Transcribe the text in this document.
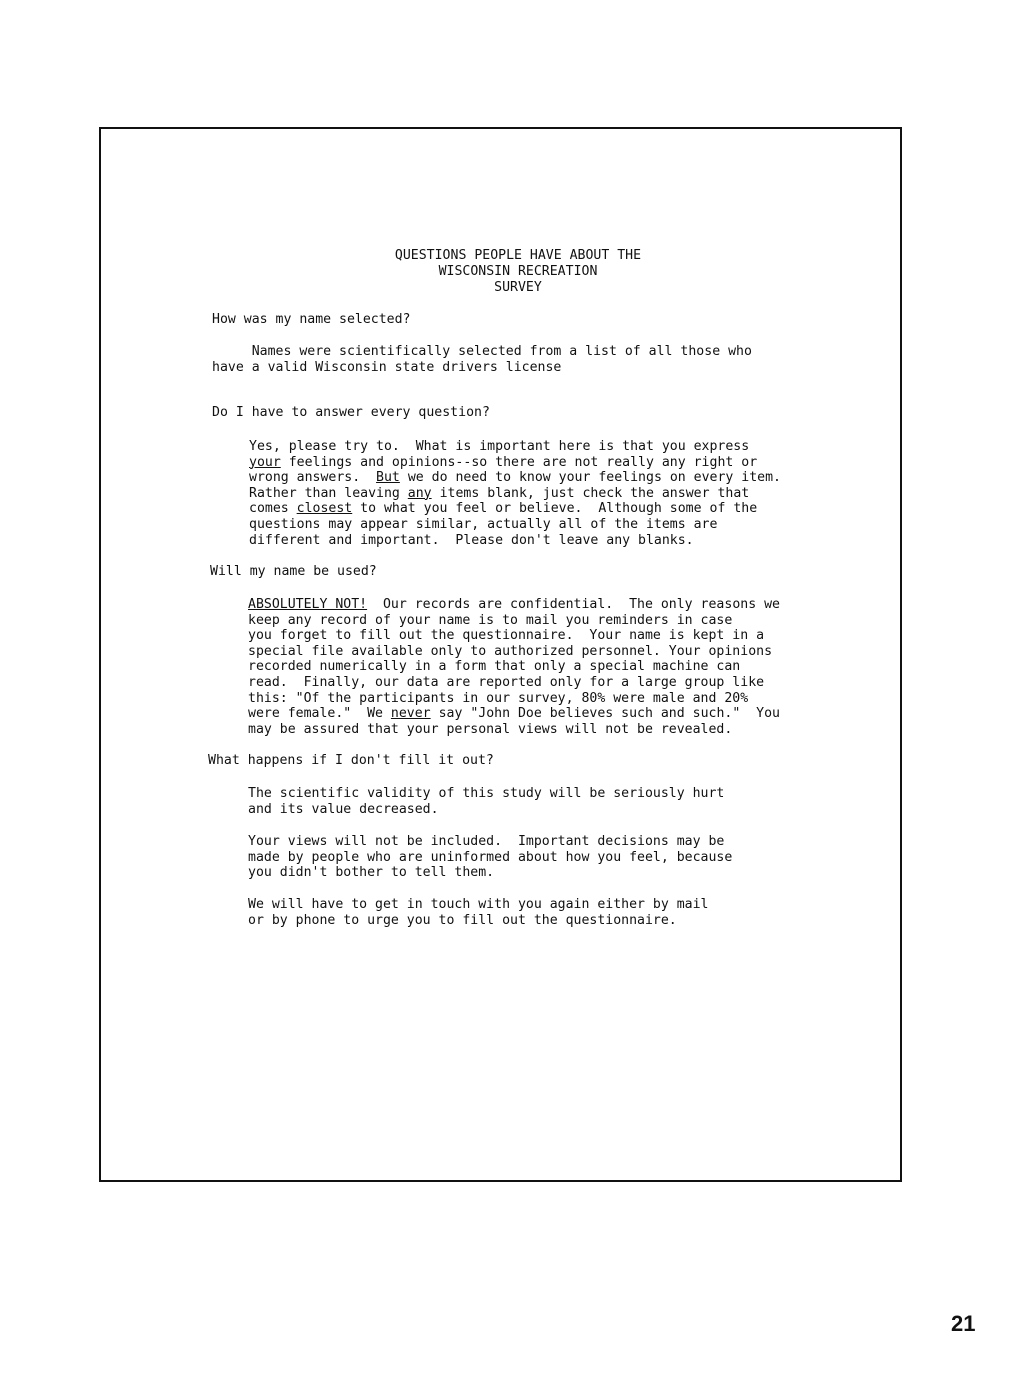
QUESTIONS PEOPLE HAVE ABOUT THE
WISCONSIN RECREATION
SURVEY

How was my name selected?

Names were scientifically selected from a list of all those who
have a valid Wisconsin state drivers license

Do I have to answer every question?

Yes, please try to.  What is important here is that you express
your feelings and opinions--so there are not really any right or
wrong answers.  But we do need to know your feelings on every item.
Rather than leaving any items blank, just check the answer that
comes closest to what you feel or believe.  Although some of the
questions may appear similar, actually all of the items are
different and important.  Please don't leave any blanks.

Will my name be used?

ABSOLUTELY NOT!  Our records are confidential.  The only reasons we
keep any record of your name is to mail you reminders in case
you forget to fill out the questionnaire.  Your name is kept in a
special file available only to authorized personnel. Your opinions
recorded numerically in a form that only a special machine can
read.  Finally, our data are reported only for a large group like
this: "Of the participants in our survey, 80% were male and 20%
were female."  We never say "John Doe believes such and such."  You
may be assured that your personal views will not be revealed.

What happens if I don't fill it out?

The scientific validity of this study will be seriously hurt
and its value decreased.

Your views will not be included.  Important decisions may be
made by people who are uninformed about how you feel, because
you didn't bother to tell them.

We will have to get in touch with you again either by mail
or by phone to urge you to fill out the questionnaire.

21
